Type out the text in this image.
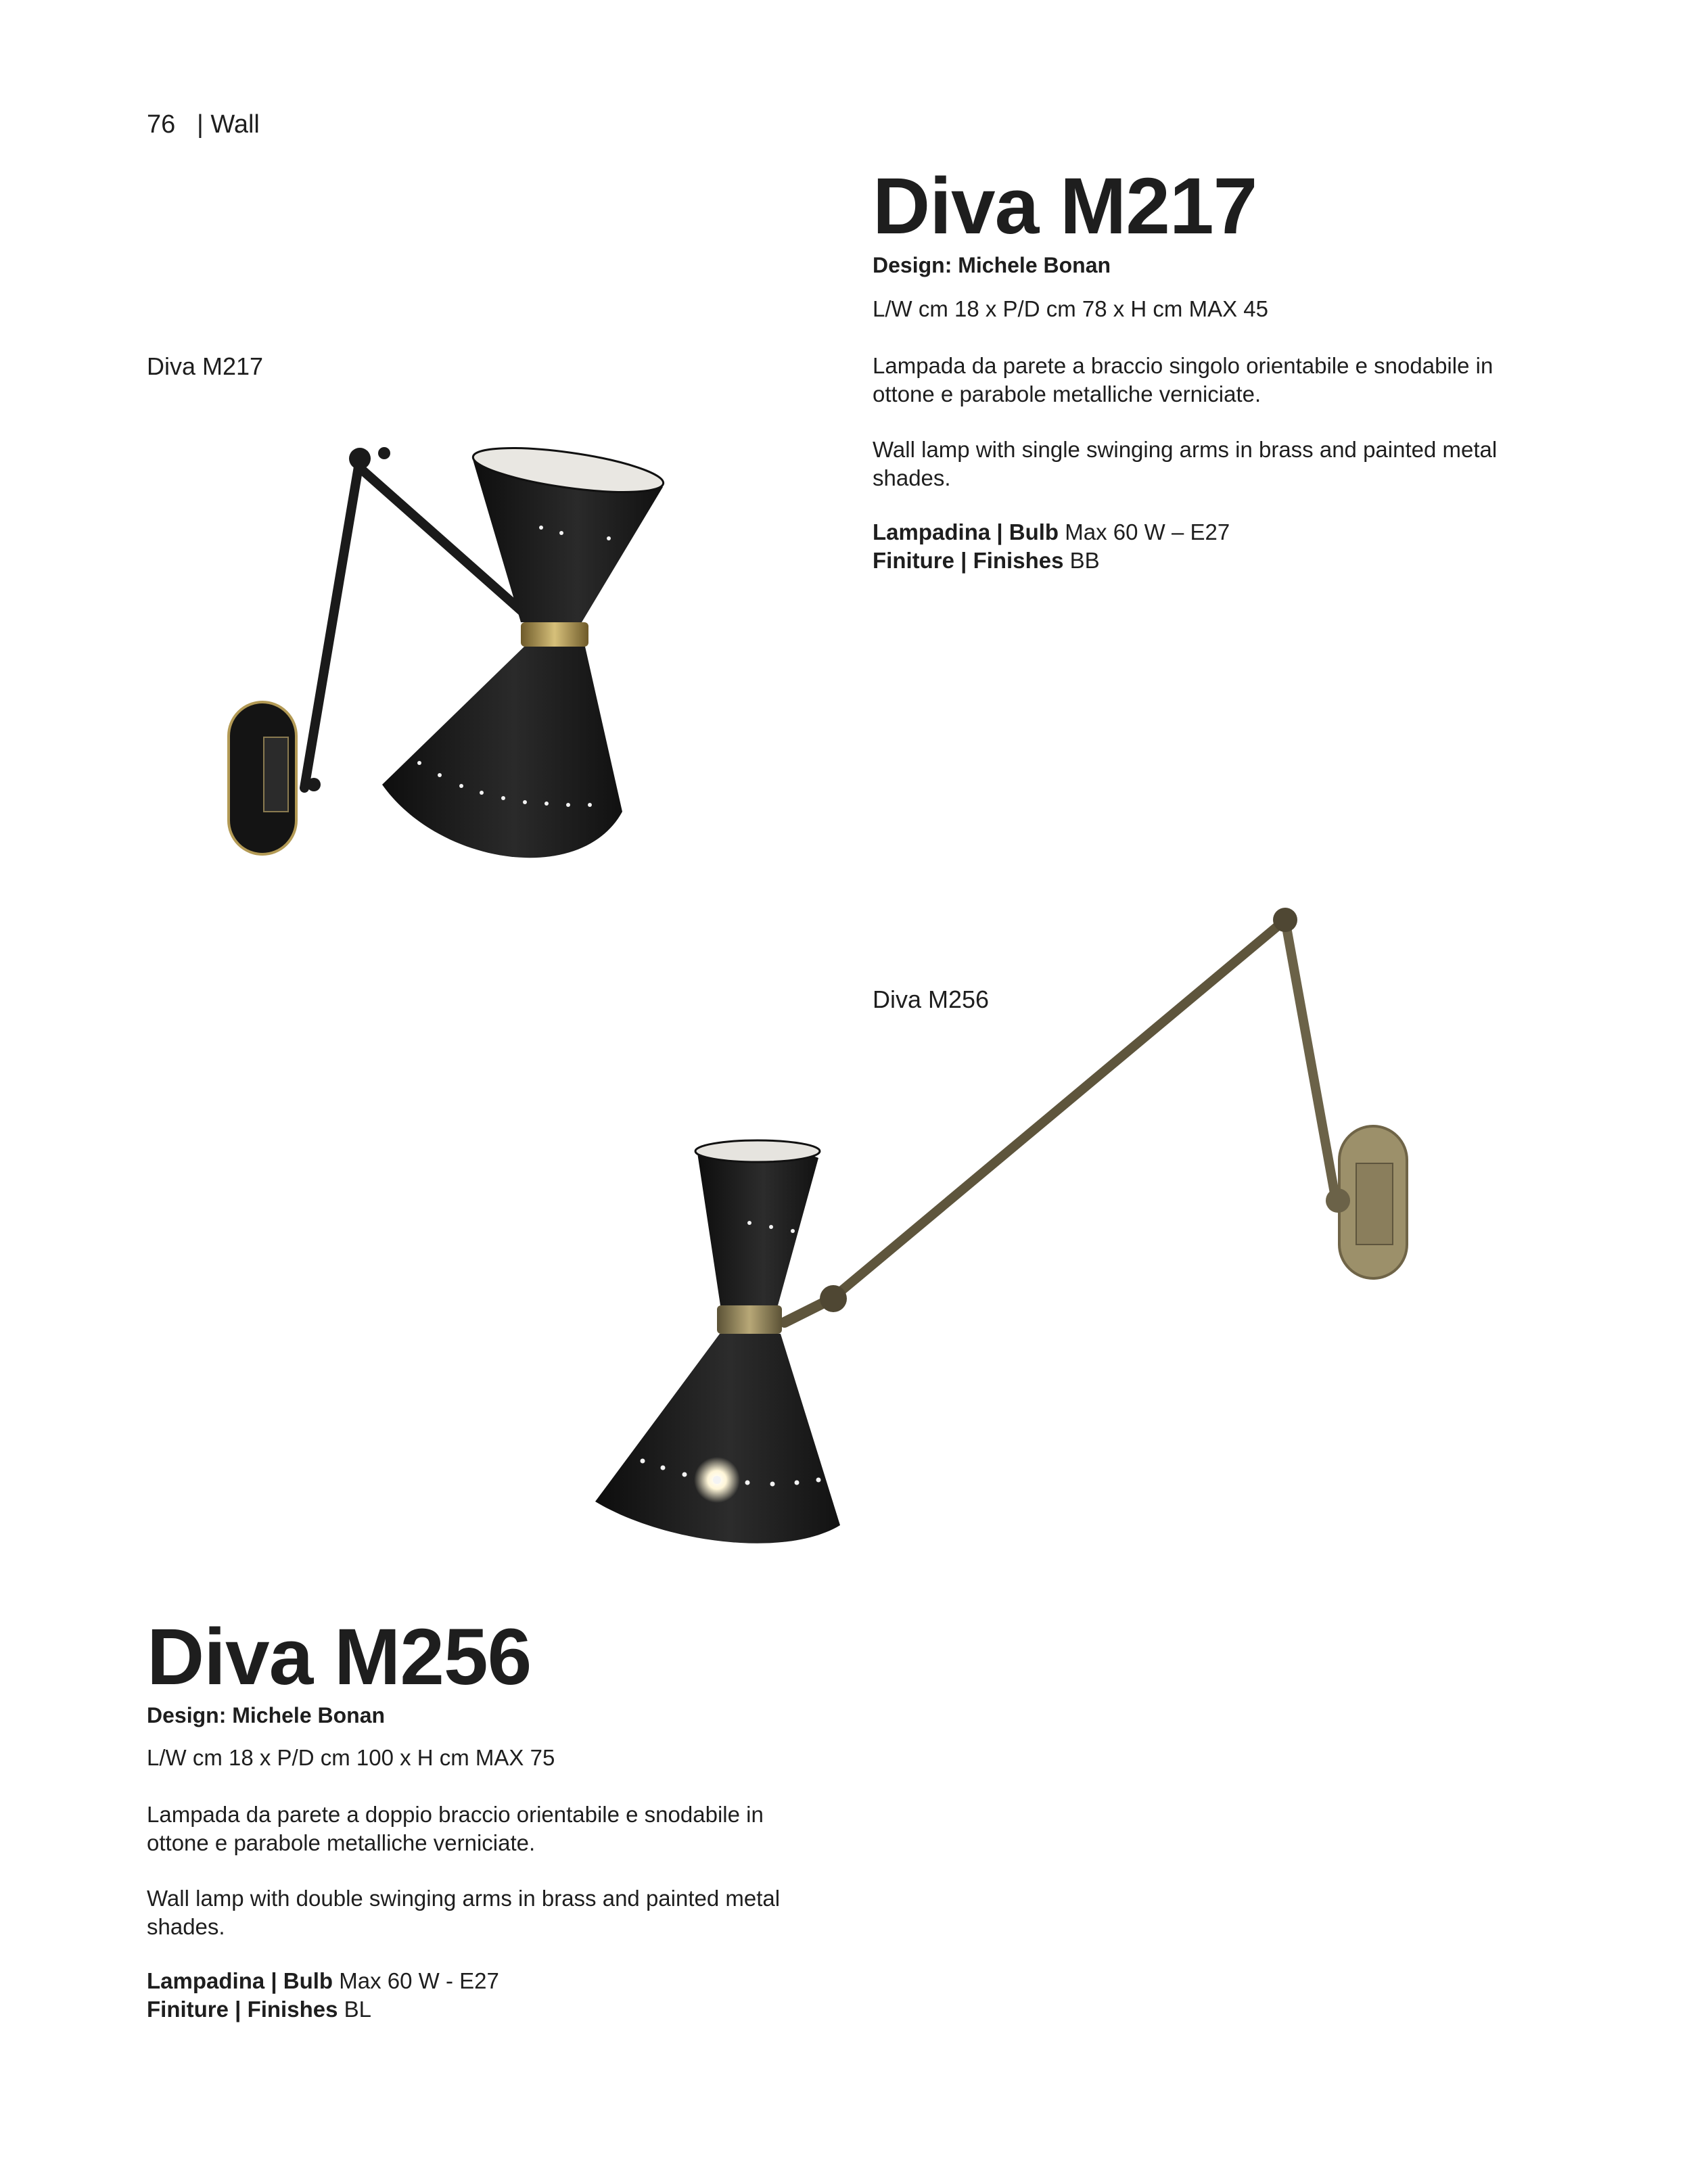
76 | Wall
Diva M217
Diva M217
Design: Michele Bonan
L/W cm 18 x P/D cm 78 x H cm MAX 45
Lampada da parete a braccio singolo orientabile e snodabile in ottone e parabole metalliche verniciate.
Wall lamp with single swinging arms in brass and painted metal shades.
Lampadina | Bulb Max 60 W – E27
Finiture | Finishes BB
Diva M256
Diva M256
Design: Michele Bonan
L/W cm 18 x P/D cm 100 x H cm MAX 75
Lampada da parete a doppio braccio orientabile e snodabile in ottone e parabole metalliche verniciate.
Wall lamp with double swinging arms in brass and painted metal shades.
Lampadina | Bulb Max 60 W - E27
Finiture | Finishes BL
